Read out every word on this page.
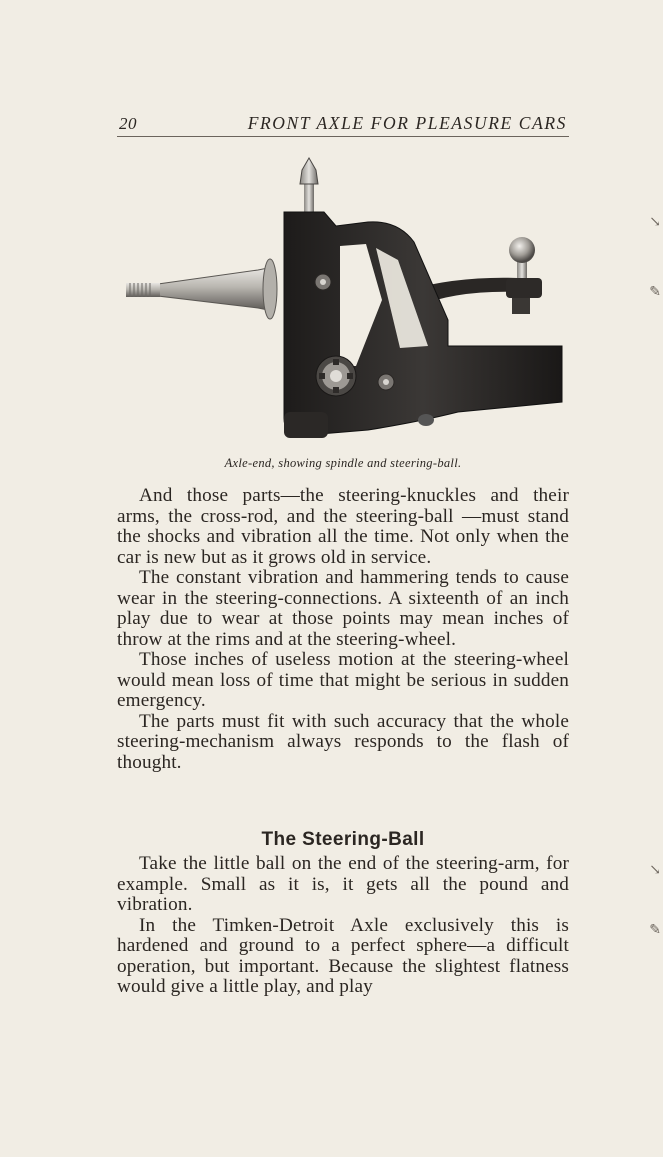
20	FRONT AXLE FOR PLEASURE CARS
Axle-end, showing spindle and steering-ball.

And those parts—the steering-knuckles and their arms, the cross-rod, and the steering-ball —must stand the shocks and vibration all the time. Not only when the car is new but as it grows old in service.

The constant vibration and hammering tends to cause wear in the steering-connections. A sixteenth of an inch play due to wear at those points may mean inches of throw at the rims and at the steering-wheel.

Those inches of useless motion at the steering-wheel would mean loss of time that might be serious in sudden emergency.

The parts must fit with such accuracy that the whole steering-mechanism always responds to the flash of thought.

The Steering-Ball

Take the little ball on the end of the steering-arm, for example. Small as it is, it gets all the pound and vibration.

In the Timken-Detroit Axle exclusively this is hardened and ground to a perfect sphere—a difficult operation, but important. Because the slightest flatness would give a little play, and play

↘
✎
↘
✎
